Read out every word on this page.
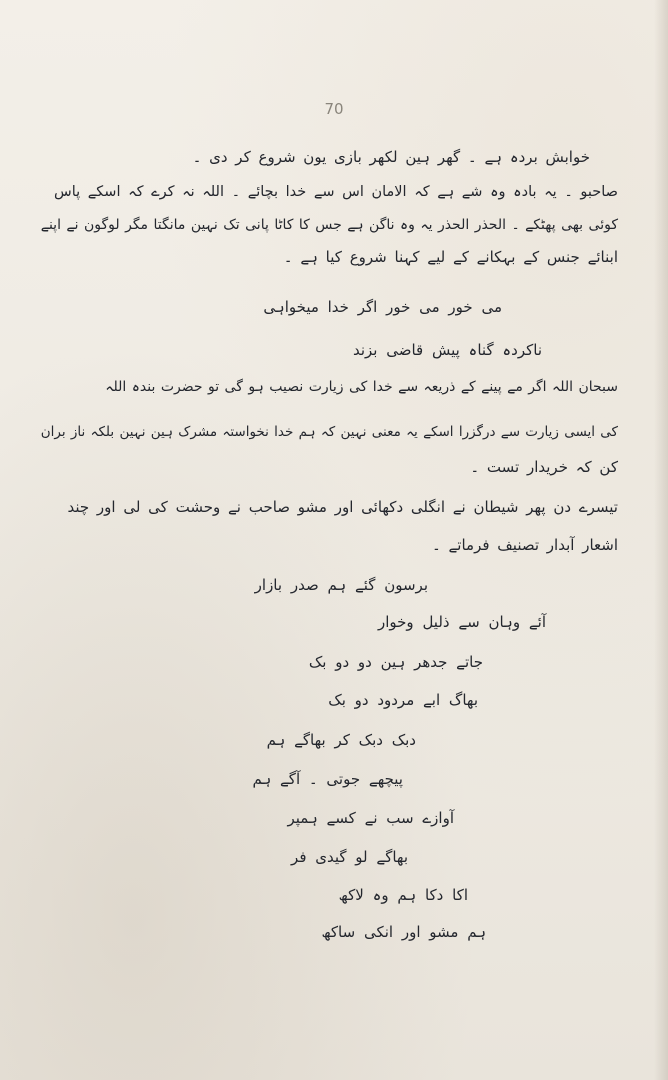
70
خوابش بردہ ہے ۔ گھر ہین لکھر بازی یون شروع کر دی ۔
صاحبو ۔ یہ بادہ وہ شے ہے کہ الامان اس سے خدا بچائے ۔ اللہ نہ کرے کہ اسکے پاس
کوئی بھی پھٹکے ۔ الحذر الحذر یہ وہ ناگن ہے جس کا کاٹا پانی تک نہین مانگتا مگر لوگون نے اپنے
ابنائے جنس کے بہکانے کے لیے کہنا شروع کیا ہے ۔
می خور می خور اگر خدا میخواہی
ناکردہ گناہ پیش قاضی بزند
سبحان اللہ اگر مے پینے کے ذریعہ سے خدا کی زیارت نصیب ہو گی تو حضرت بندہ اللہ
کی ایسی زیارت سے درگزرا اسکے یہ معنی نہین کہ ہم خدا نخواستہ مشرک ہین نہین بلکہ ناز بران
کن کہ خریدار تست ۔
تیسرے دن پھر شیطان نے انگلی دکھائی اور مشو صاحب نے وحشت کی لی اور چند
اشعار آبدار تصنیف فرماتے ۔
برسون گئے ہم صدر بازار
آئے وہان سے ذلیل وخوار
جاتے جدھر ہین دو دو بک
بھاگ ابے مردود دو بک
دبک دبک کر بھاگے ہم
پیچھے جوتی ۔ آگے ہم
آوازے سب نے کسے ہمپر
بھاگے لو گیدی فر
اکا دکا ہم وہ لاکھ
ہم مشو اور انکی ساکھ
